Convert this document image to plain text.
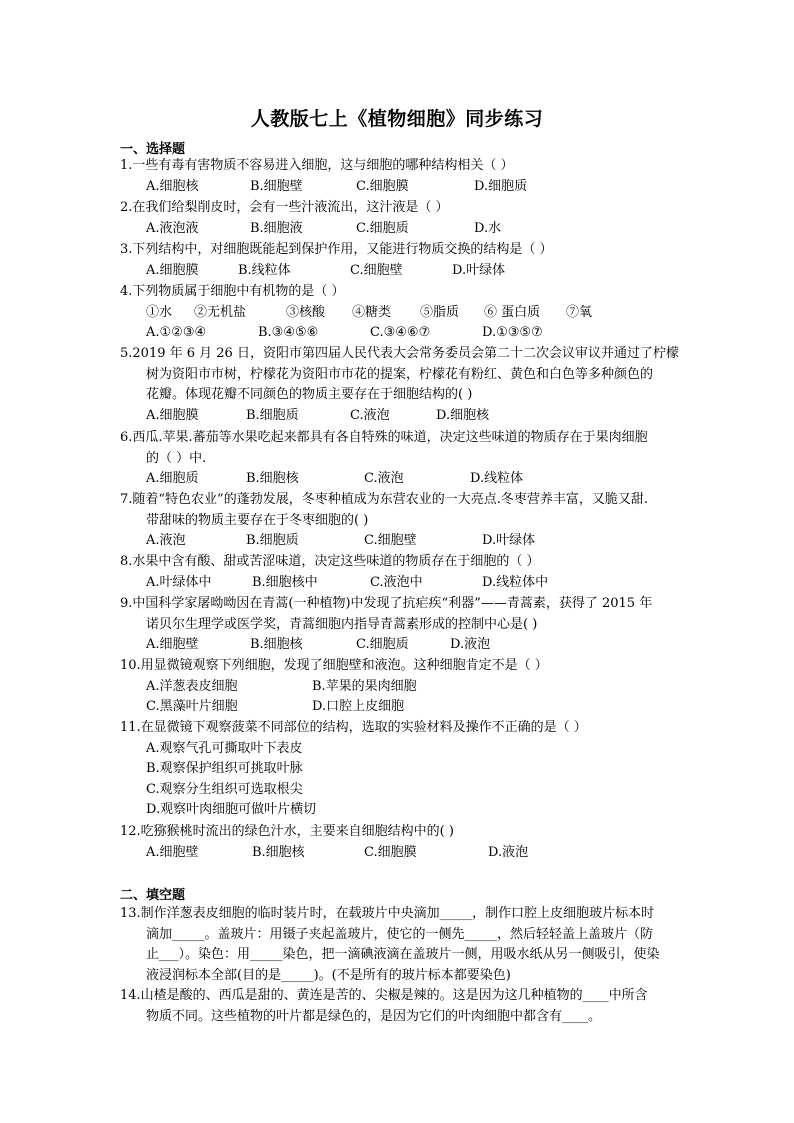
人教版七上《植物细胞》同步练习
一、选择题
1.一些有毒有害物质不容易进入细胞，这与细胞的哪种结构相关（ ）
A.细胞核	B.细胞壁	C.细胞膜	D.细胞质
2.在我们给梨削皮时，会有一些汁液流出，这汁液是（ ）
A.液泡液	B.细胞液	C.细胞质	D.水
3.下列结构中，对细胞既能起到保护作用，又能进行物质交换的结构是（ ）
A.细胞膜	B.线粒体	C.细胞壁	D.叶绿体
4.下列物质属于细胞中有机物的是（ ）
①水 ②无机盐	③核酸 ④糖类 ⑤脂质 ⑥ 蛋白质 ⑦氧
A.①②③④	B.③④⑤⑥	C.③④⑥⑦	D.①③⑤⑦
5.2019 年 6 月 26 日，资阳市第四届人民代表大会常务委员会第二十二次会议审议并通过了柠檬
树为资阳市市树，柠檬花为资阳市市花的提案，柠檬花有粉红、黄色和白色等多种颜色的
花瓣。体现花瓣不同颜色的物质主要存在于细胞结构的( )
A.细胞膜	B.细胞质	C.液泡	D.细胞核
6.西瓜.苹果.蕃茄等水果吃起来都具有各自特殊的味道，决定这些味道的物质存在于果肉细胞
的（ ）中.
A.细胞质	B.细胞核	C.液泡	D.线粒体
7.随着“特色农业”的蓬勃发展，冬枣种植成为东营农业的一大亮点.冬枣营养丰富，又脆又甜.
带甜味的物质主要存在于冬枣细胞的( )
A.液泡	B.细胞质	C.细胞壁	D.叶绿体
8.水果中含有酸、甜或苦涩味道，决定这些味道的物质存在于细胞的（ ）
A.叶绿体中	B.细胞核中	C.液泡中	D.线粒体中
9.中国科学家屠呦呦因在青蒿(一种植物)中发现了抗疟疾“利器”——青蒿素，获得了 2015 年
诺贝尔生理学或医学奖，青蒿细胞内指导青蒿素形成的控制中心是( )
A.细胞壁	B.细胞核	C.细胞质	D.液泡
10.用显微镜观察下列细胞，发现了细胞壁和液泡。这种细胞肯定不是（ ）
A.洋葱表皮细胞	B.苹果的果肉细胞
C.黑藻叶片细胞	D.口腔上皮细胞
11.在显微镜下观察菠菜不同部位的结构，选取的实验材料及操作不正确的是（ ）
A.观察气孔可撕取叶下表皮
B.观察保护组织可挑取叶脉
C.观察分生组织可选取根尖
D.观察叶肉细胞可做叶片横切
12.吃猕猴桃时流出的绿色汁水，主要来自细胞结构中的( )
A.细胞壁	B.细胞核	C.细胞膜	D.液泡
二、填空题
13.制作洋葱表皮细胞的临时装片时，在载玻片中央滴加_____，制作口腔上皮细胞玻片标本时
滴加_____。盖玻片：用镊子夹起盖玻片，使它的一侧先_____，然后轻轻盖上盖玻片（防
止___）。染色：用_____染色，把一滴碘液滴在盖玻片一侧，用吸水纸从另一侧吸引，使染
液浸润标本全部(目的是_____)。(不是所有的玻片标本都要染色)
14.山楂是酸的、西瓜是甜的、黄连是苦的、尖椒是辣的。这是因为这几种植物的____中所含
物质不同。这些植物的叶片都是绿色的，是因为它们的叶肉细胞中都含有____。
